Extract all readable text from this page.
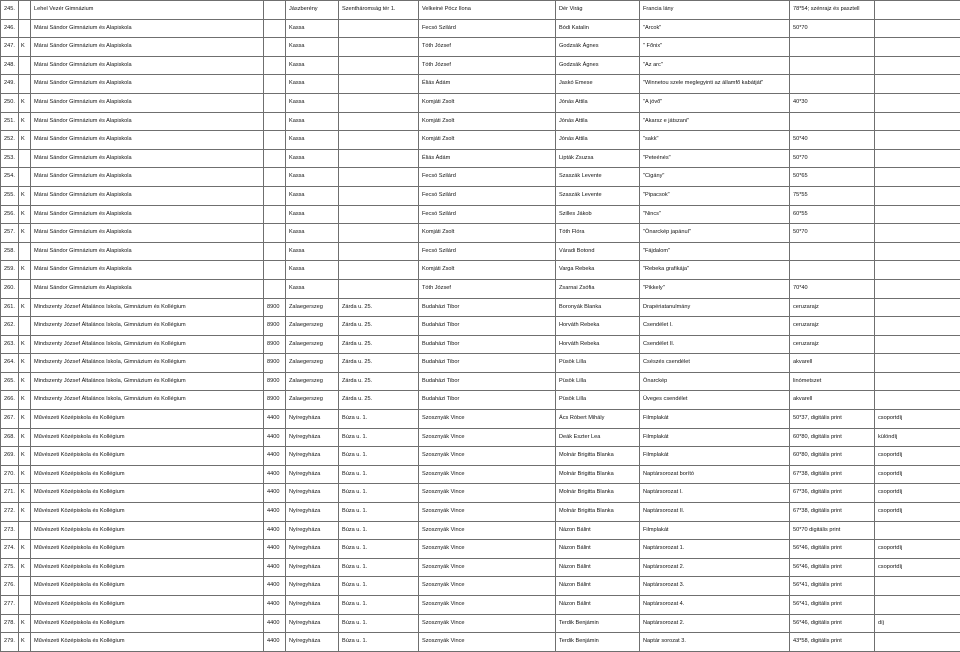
245.		Lehel Vezér Gimnázium		Jászberény	Szentháromság tér 1.	Velkeiné Pócz Ilona	Dér Virág	Francia lány	78*54; szénrajz és pasztell	
246.		Márai Sándor Gimnázium és Alapiskola		Kassa		Fecsó Szilárd	Bódi Katalin	"Arcok"	50*70	
247.	K	Márai Sándor Gimnázium és Alapiskola		Kassa		Tóth József	Godzsák Ágnes	" Főnix"		
248.		Márai Sándor Gimnázium és Alapiskola		Kassa		Tóth József	Godzsák Ágnes	"Az arc"		
249.		Márai Sándor Gimnázium és Alapiskola		Kassa		Éliás Ádám	Jaskó Emese	"Winnetou szele meglegyinti az államfő kabátját"		
250.	K	Márai Sándor Gimnázium és Alapiskola		Kassa		Komjáti Zsolt	Jónás Attila	"A jövő"	40*30	
251.	K	Márai Sándor Gimnázium és Alapiskola		Kassa		Komjáti Zsolt	Jónás Attila	"Akarsz e játszani"		
252.	K	Márai Sándor Gimnázium és Alapiskola		Kassa		Komjáti Zsolt	Jónás Attila	"sakk"	50*40	
253.		Márai Sándor Gimnázium és Alapiskola		Kassa		Éliás Ádám	Lipták Zsuzsa	"Peteénés"	50*70	
254.		Márai Sándor Gimnázium és Alapiskola		Kassa		Fecsó Szilárd	Szaszák Levente	"Cigány"	50*65	
255.	K	Márai Sándor Gimnázium és Alapiskola		Kassa		Fecsó Szilárd	Szaszák Levente	"Pipacsok"	75*55	
256.	K	Márai Sándor Gimnázium és Alapiskola		Kassa		Fecsó Szilárd	Szilles Jákob	"Nincs"	60*55	
257.	K	Márai Sándor Gimnázium és Alapiskola		Kassa		Komjáti Zsolt	Tóth Flóra	"Önarckép japánul"	50*70	
258.		Márai Sándor Gimnázium és Alapiskola		Kassa		Fecsó Szilárd	Váradi Botond	"Fájdalom"		
259.	K	Márai Sándor Gimnázium és Alapiskola		Kassa		Komjáti Zsolt	Varga Rebeka	"Rebeka grafikája"		
260.		Márai Sándor Gimnázium és Alapiskola		Kassa		Tóth József	Zsarnai Zsófia	"Pikkely"	70*40	
261.	K	Mindszenty József Általános Iskola, Gimnázium és Kollégium	8900	Zalaegerszeg	Zárda u. 25.	Budaházi Tibor	Boronyák Blanka	Drapériatanulmány	ceruzarajz	
262.		Mindszenty József Általános Iskola, Gimnázium és Kollégium	8900	Zalaegerszeg	Zárda u. 25.	Budaházi Tibor	Horváth Rebeka	Csendélet I.	ceruzarajz	
263.	K	Mindszenty József Általános Iskola, Gimnázium és Kollégium	8900	Zalaegerszeg	Zárda u. 25.	Budaházi Tibor	Horváth Rebeka	Csendélet II.	ceruzarajz	
264.	K	Mindszenty József Általános Iskola, Gimnázium és Kollégium	8900	Zalaegerszeg	Zárda u. 25.	Budaházi Tibor	Püsök Lilla	Csészés csendélet	akvarell	
265.	K	Mindszenty József Általános Iskola, Gimnázium és Kollégium	8900	Zalaegerszeg	Zárda u. 25.	Budaházi Tibor	Püsök Lilla	Önarckép	linómetszet	
266.	K	Mindszenty József Általános Iskola, Gimnázium és Kollégium	8900	Zalaegerszeg	Zárda u. 25.	Budaházi Tibor	Püsök Lilla	Üveges csendélet	akvarell	
267.	K	Művészeti Középiskola és Kollégium	4400	Nyíregyháza	Búza u. 1.	Szosznyák Vince	Ács Róbert Mihály	Filmplakát	50*37, digitális print	csoportdíj
268.	K	Művészeti Középiskola és Kollégium	4400	Nyíregyháza	Búza u. 1.	Szosznyák Vince	Deák Eszter Lea	Filmplakát	60*80, digitális print	különdíj
269.	K	Művészeti Középiskola és Kollégium	4400	Nyíregyháza	Búza u. 1.	Szosznyák Vince	Molnár Brigitta Blanka	Filmplakát	60*80, digitális print	csoportdíj
270.	K	Művészeti Középiskola és Kollégium	4400	Nyíregyháza	Búza u. 1.	Szosznyák Vince	Molnár Brigitta Blanka	Naptársorozat borító	67*38, digitális print	csoportdíj
271.	K	Művészeti Középiskola és Kollégium	4400	Nyíregyháza	Búza u. 1.	Szosznyák Vince	Molnár Brigitta Blanka	Naptársorozat I.	67*36, digitális print	csoportdíj
272.	K	Művészeti Középiskola és Kollégium	4400	Nyíregyháza	Búza u. 1.	Szosznyák Vince	Molnár Brigitta Blanka	Naptársorozat II.	67*38, digitális print	csoportdíj
273.		Művészeti Középiskola és Kollégium	4400	Nyíregyháza	Búza u. 1.	Szosznyák Vince	Názon Bálint	Filmplakát	50*70 digitális print	
274.	K	Művészeti Középiskola és Kollégium	4400	Nyíregyháza	Búza u. 1.	Szosznyák Vince	Názon Bálint	Naptársorozat 1.	56*46, digitális print	csoportdíj
275.	K	Művészeti Középiskola és Kollégium	4400	Nyíregyháza	Búza u. 1.	Szosznyák Vince	Názon Bálint	Naptársorozat 2.	56*46, digitális print	csoportdíj
276.		Művészeti Középiskola és Kollégium	4400	Nyíregyháza	Búza u. 1.	Szosznyák Vince	Názon Bálint	Naptársorozat 3.	56*41, digitális print	
277.		Művészeti Középiskola és Kollégium	4400	Nyíregyháza	Búza u. 1.	Szosznyák Vince	Názon Bálint	Naptársorozat 4.	56*41, digitális print	
278.	K	Művészeti Középiskola és Kollégium	4400	Nyíregyháza	Búza u. 1.	Szosznyák Vince	Terdik Benjámin	Naptársorozat 2.	56*46, digitális print	díj
279.	K	Művészeti Középiskola és Kollégium	4400	Nyíregyháza	Búza u. 1.	Szosznyák Vince	Terdik Benjámin	Naptár sorozat 3.	43*58, digitális print	
